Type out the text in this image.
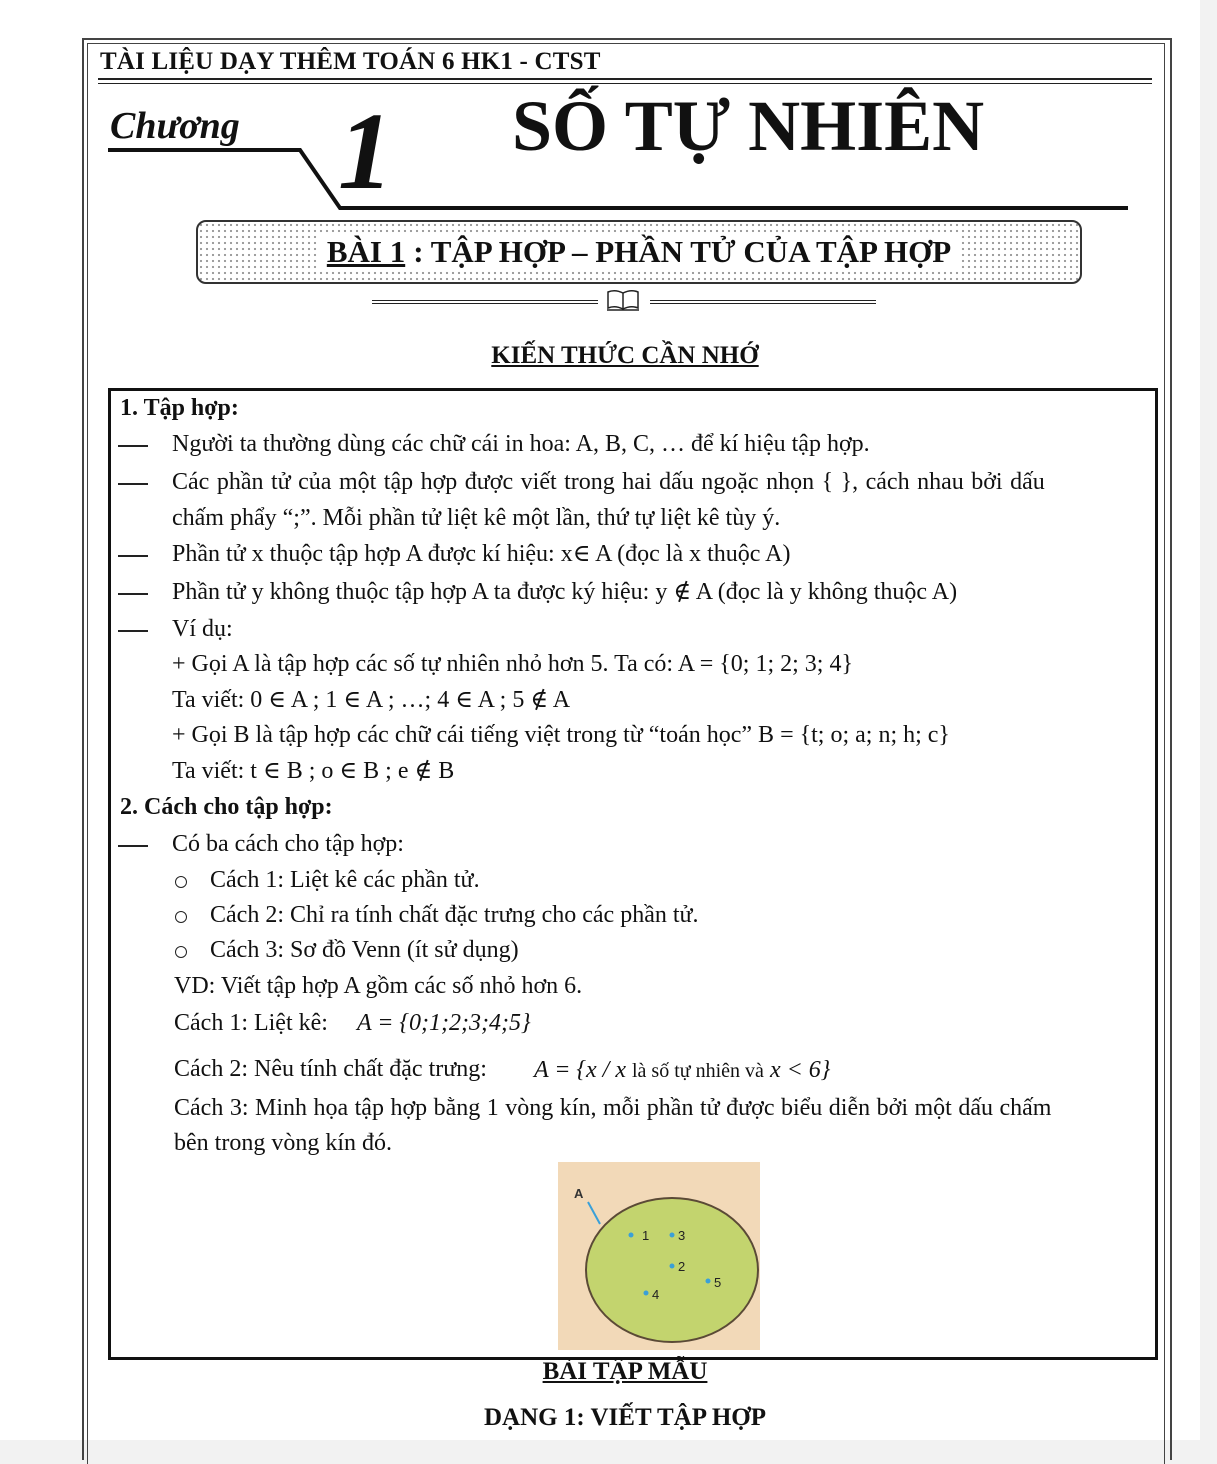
TÀI LIỆU DẠY THÊM TOÁN 6 HK1 - CTST
Chương 1 SỐ TỰ NHIÊN
BÀI 1 : TẬP HỢP – PHẦN TỬ CỦA TẬP HỢP
KIẾN THỨC CẦN NHỚ
1. Tập hợp:
Người ta thường dùng các chữ cái in hoa: A, B, C, … để kí hiệu tập hợp.
Các phần tử của một tập hợp được viết trong hai dấu ngoặc nhọn { }, cách nhau bởi dấu
chấm phẩy “;”. Mỗi phần tử liệt kê một lần, thứ tự liệt kê tùy ý.
Phần tử x thuộc tập hợp A được kí hiệu: x∈ A (đọc là x thuộc A)
Phần tử y không thuộc tập hợp A ta được ký hiệu: y ∉ A (đọc là y không thuộc A)
Ví dụ:
+ Gọi A là tập hợp các số tự nhiên nhỏ hơn 5. Ta có: A = {0; 1; 2; 3; 4}
Ta viết: 0 ∈ A ; 1 ∈ A ; …; 4 ∈ A ; 5 ∉ A
+ Gọi B là tập hợp các chữ cái tiếng việt trong từ “toán học” B = {t; o; a; n; h; c}
Ta viết: t ∈ B ; o ∈ B ; e ∉ B
2. Cách cho tập hợp:
Có ba cách cho tập hợp:
Cách 1: Liệt kê các phần tử.
Cách 2: Chỉ ra tính chất đặc trưng cho các phần tử.
Cách 3: Sơ đồ Venn (ít sử dụng)
VD: Viết tập hợp A gồm các số nhỏ hơn 6.
Cách 1: Liệt kê: A = {0;1;2;3;4;5}
Cách 2: Nêu tính chất đặc trưng: A = {x / x là số tự nhiên và x < 6}
Cách 3: Minh họa tập hợp bằng 1 vòng kín, mỗi phần tử được biểu diễn bởi một dấu chấm
bên trong vòng kín đó.
A
1 3
2
5
4
BÀI TẬP MẪU
DẠNG 1: VIẾT TẬP HỢP
